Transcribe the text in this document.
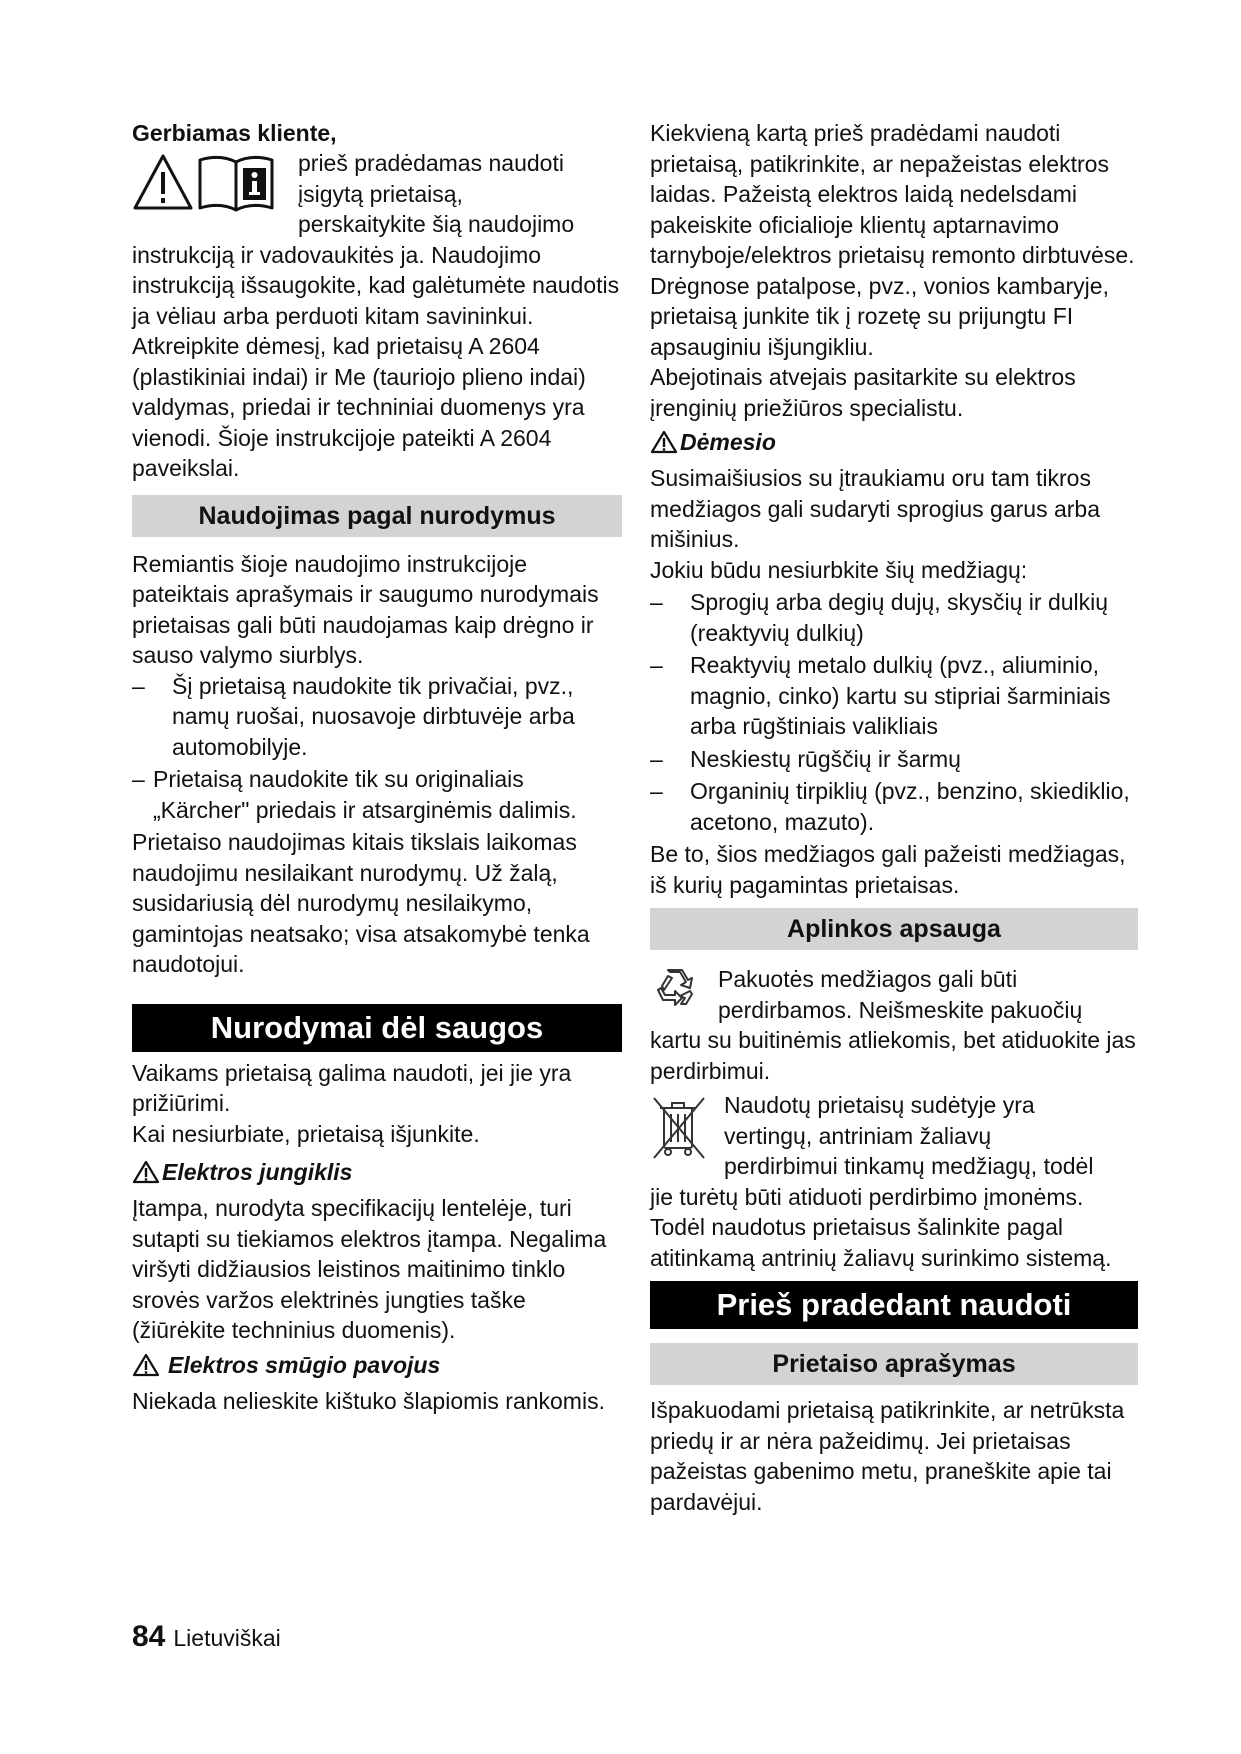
Gerbiamas kliente,

prieš pradėdamas naudoti

įsigytą prietaisą,

perskaitykite šią naudojimo

instrukciją ir vadovaukitės ja. Naudojimo instrukciją išsaugokite, kad galėtumėte naudotis ja vėliau arba perduoti kitam savininkui.

Atkreipkite dėmesį, kad prietaisų A 2604 (plastikiniai indai) ir Me (tauriojo plieno indai) valdymas, priedai ir techniniai duomenys yra vienodi. Šioje instrukcijoje pateikti A 2604 paveikslai.

Naudojimas pagal nurodymus

Remiantis šioje naudojimo instrukcijoje pateiktais aprašymais ir saugumo nurodymais prietaisas gali būti naudojamas kaip drėgno ir sauso valymo siurblys.

–	Šį prietaisą naudokite tik privačiai, pvz., namų ruošai, nuosavoje dirbtuvėje arba automobilyje.
– Prietaisą naudokite tik su originaliais „Kärcher" priedais ir atsarginėmis dalimis.

Prietaiso naudojimas kitais tikslais laikomas naudojimu nesilaikant nurodymų. Už žalą, susidariusią dėl nurodymų nesilaikymo, gamintojas neatsako; visa atsakomybė tenka naudotojui.

Nurodymai dėl saugos

Vaikams prietaisą galima naudoti, jei jie yra prižiūrimi.

Kai nesiurbiate, prietaisą išjunkite.

Elektros jungiklis

Įtampa, nurodyta specifikacijų lentelėje, turi sutapti su tiekiamos elektros įtampa. Negalima viršyti didžiausios leistinos maitinimo tinklo srovės varžos elektrinės jungties taške (žiūrėkite techninius duomenis).

Elektros smūgio pavojus

Niekada nelieskite kištuko šlapiomis rankomis.

Kiekvieną kartą prieš pradėdami naudoti prietaisą, patikrinkite, ar nepažeistas elektros laidas. Pažeistą elektros laidą nedelsdami pakeiskite oficialioje klientų aptarnavimo tarnyboje/elektros prietaisų remonto dirbtuvėse.

Drėgnose patalpose, pvz., vonios kambaryje, prietaisą junkite tik į rozetę su prijungtu FI apsauginiu išjungikliu.

Abejotinais atvejais pasitarkite su elektros įrenginių priežiūros specialistu.

Dėmesio

Susimaišiusios su įtraukiamu oru tam tikros medžiagos gali sudaryti sprogius garus arba mišinius.

Jokiu būdu nesiurbkite šių medžiagų:

–	Sprogių arba degių dujų, skysčių ir dulkių (reaktyvių dulkių)
–	Reaktyvių metalo dulkių (pvz., aliuminio, magnio, cinko) kartu su stipriai šarminiais arba rūgštiniais valikliais
–	Neskiestų rūgščių ir šarmų
–	Organinių tirpiklių (pvz., benzino, skiediklio, acetono, mazuto).

Be to, šios medžiagos gali pažeisti medžiagas, iš kurių pagamintas prietaisas.

Aplinkos apsauga

Pakuotės medžiagos gali būti

perdirbamos. Neišmeskite pakuočių

kartu su buitinėmis atliekomis, bet atiduokite jas perdirbimui.

Naudotų prietaisų sudėtyje yra

vertingų, antriniam žaliavų

perdirbimui tinkamų medžiagų, todėl

jie turėtų būti atiduoti perdirbimo įmonėms. Todėl naudotus prietaisus šalinkite pagal atitinkamą antrinių žaliavų surinkimo sistemą.

Prieš pradedant naudoti
Prietaiso aprašymas

Išpakuodami prietaisą patikrinkite, ar netrūksta priedų ir ar nėra pažeidimų. Jei prietaisas pažeistas gabenimo metu, praneškite apie tai pardavėjui.

84 Lietuviškai
